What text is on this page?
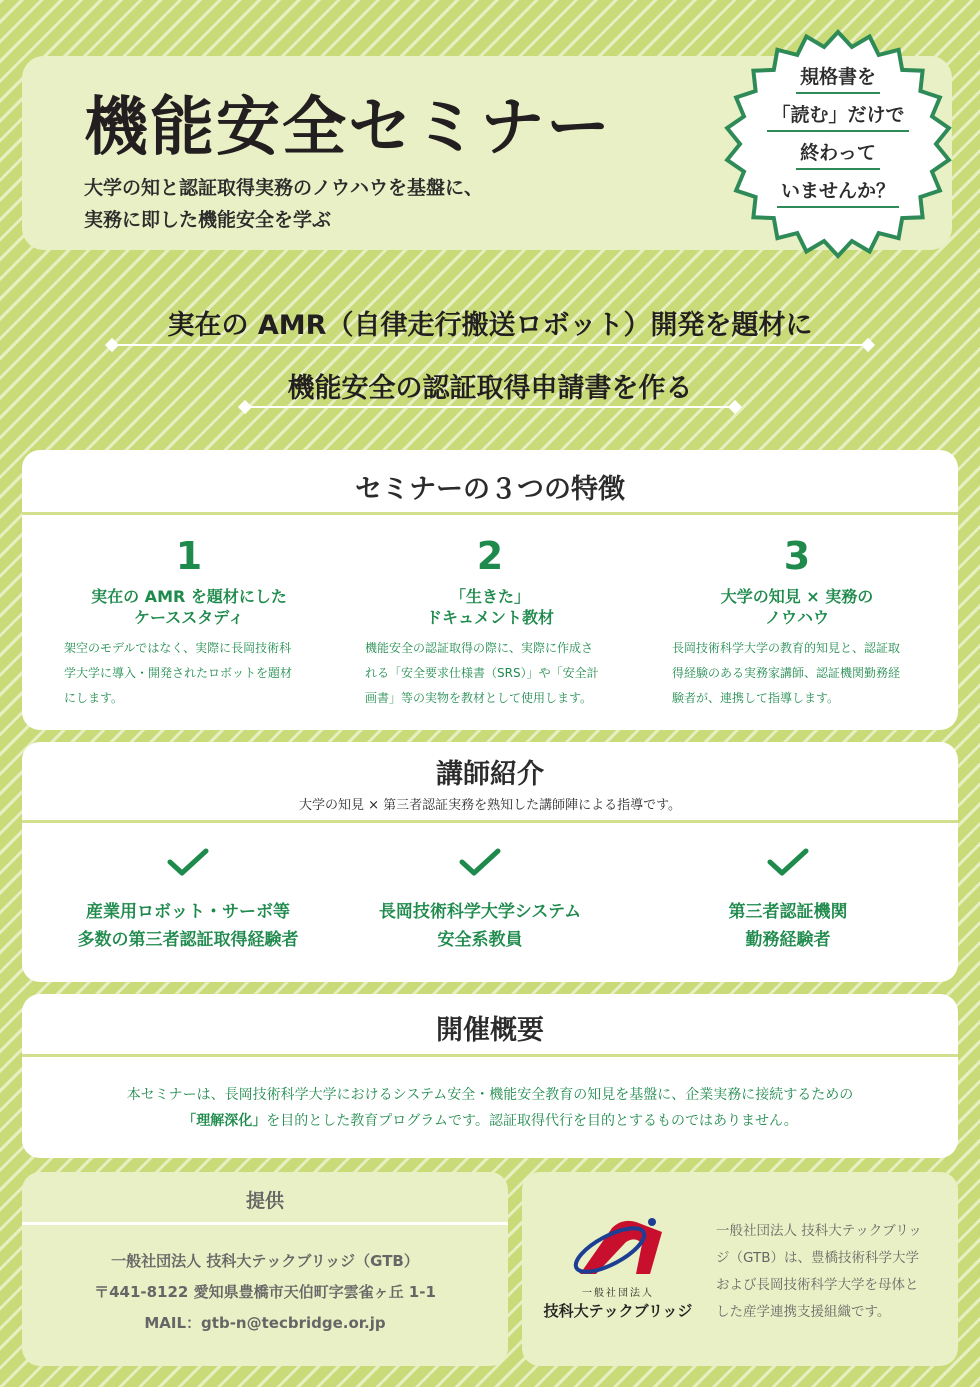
機能安全セミナー
大学の知と認証取得実務のノウハウを基盤に、
実務に即した機能安全を学ぶ
規格書を
「読む」だけで
終わって
いませんか？
実在の AMR（自律走行搬送ロボット）開発を題材に
機能安全の認証取得申請書を作る
セミナーの３つの特徴
1
実在の AMR を題材にした
ケーススタディ
架空のモデルではなく、実際に長岡技術科
学大学に導入・開発されたロボットを題材
にします。
2
「生きた」
ドキュメント教材
機能安全の認証取得の際に、実際に作成さ
れる「安全要求仕様書（SRS）」や「安全計
画書」等の実物を教材として使用します。
3
大学の知見 × 実務の
ノウハウ
長岡技術科学大学の教育的知見と、認証取
得経験のある実務家講師、認証機関勤務経
験者が、連携して指導します。
講師紹介
大学の知見 × 第三者認証実務を熟知した講師陣による指導です。
産業用ロボット・サーボ等
多数の第三者認証取得経験者
長岡技術科学大学システム
安全系教員
第三者認証機関
勤務経験者
開催概要
本セミナーは、長岡技術科学大学におけるシステム安全・機能安全教育の知見を基盤に、企業実務に接続するための
「理解深化」を目的とした教育プログラムです。認証取得代行を目的とするものではありません。
提供
一般社団法人 技科大テックブリッジ（GTB）
〒441-8122 愛知県豊橋市天伯町字雲雀ヶ丘 1-1
MAIL：gtb-n@tecbridge.or.jp
一般社団法人
技科大テックブリッジ
一般社団法人 技科大テックブリッ
ジ（GTB）は、豊橋技術科学大学
および長岡技術科学大学を母体と
した産学連携支援組織です。
